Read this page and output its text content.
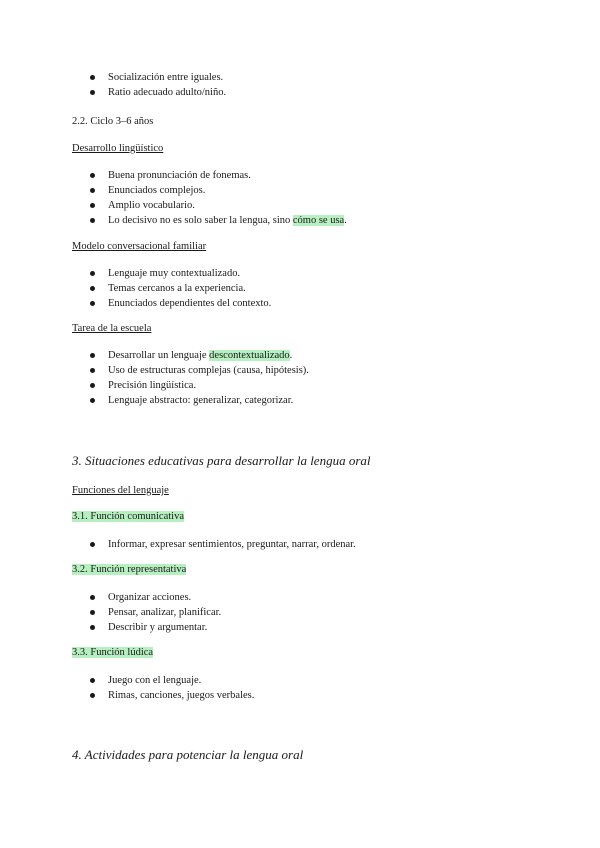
Socialización entre iguales.
Ratio adecuado adulto/niño.
2.2. Ciclo 3–6 años
Desarrollo lingüístico
Buena pronunciación de fonemas.
Enunciados complejos.
Amplio vocabulario.
Lo decisivo no es solo saber la lengua, sino cómo se usa.
Modelo conversacional familiar
Lenguaje muy contextualizado.
Temas cercanos a la experiencia.
Enunciados dependientes del contexto.
Tarea de la escuela
Desarrollar un lenguaje descontextualizado.
Uso de estructuras complejas (causa, hipótesis).
Precisión lingüística.
Lenguaje abstracto: generalizar, categorizar.
3. Situaciones educativas para desarrollar la lengua oral
Funciones del lenguaje
3.1. Función comunicativa
Informar, expresar sentimientos, preguntar, narrar, ordenar.
3.2. Función representativa
Organizar acciones.
Pensar, analizar, planificar.
Describir y argumentar.
3.3. Función lúdica
Juego con el lenguaje.
Rimas, canciones, juegos verbales.
4. Actividades para potenciar la lengua oral
